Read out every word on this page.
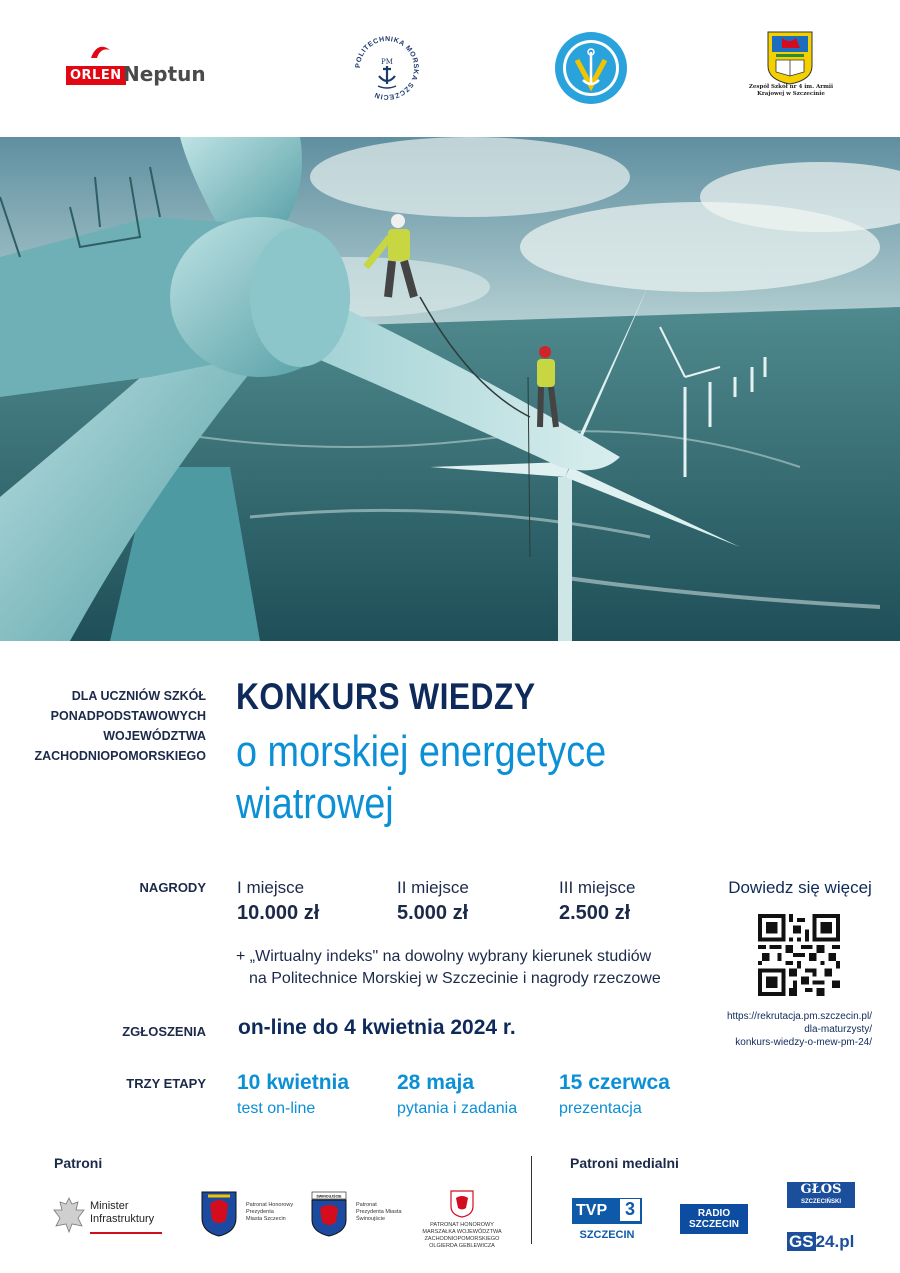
ORLEN Neptun	POLITECHNIKA MORSKA SZCZECIN
PM
Zespół Szkół nr 4 im. Armii Krajowej w Szczecinie
DLA UCZNIÓW SZKÓŁ
PONADPODSTAWOWYCH
WOJEWÓDZTWA
ZACHODNIOPOMORSKIEGO
KONKURS WIEDZY
o morskiej energetyce
wiatrowej
NAGRODY I miejsce
10.000 zł
II miejsce
5.000 zł
III miejsce
2.500 zł
+ „Wirtualny indeks" na dowolny wybrany kierunek studiów
na Politechnice Morskiej w Szczecinie i nagrody rzeczowe
ZGŁOSZENIA on-line do 4 kwietnia 2024 r.
TRZY ETAPY 10 kwietnia
test on-line
28 maja
pytania i zadania
15 czerwca
prezentacja
Dowiedz się więcej
https://rekrutacja.pm.szczecin.pl/
dla-maturzysty/
konkurs-wiedzy-o-mew-pm-24/
Patroni
Minister
Infrastruktury
Patronat Honorowy
Prezydenta
Miasta Szczecin
ŚWINOUJŚCIE
Patronat
Prezydenta Miasta
Świnoujście
PATRONAT HONOROWY
MARSZAŁKA WOJEWÓDZTWA
ZACHODNIOPOMORSKIEGO
OLGIERDA GEBLEWICZA
Patroni medialni
TVP 3
SZCZECIN
RADIO
SZCZECIN
GŁOS
SZCZECIŃSKI
GS 24.pl
